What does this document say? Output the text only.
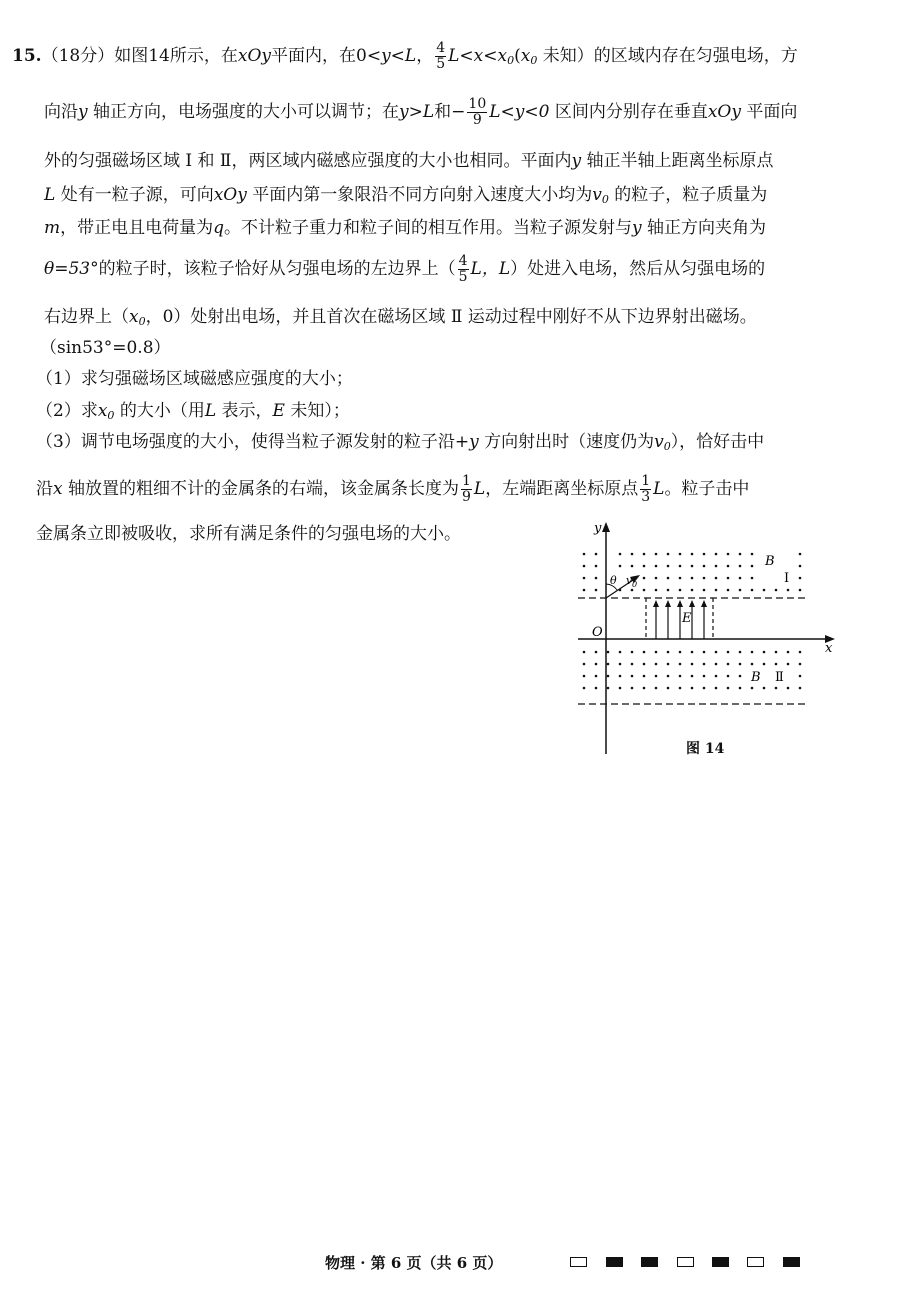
15.（18分）如图14所示，在xOy平面内，在0<y<L， $\frac{4}{5} L<x<x_0(x_0$ 未知）的区域内存在匀强电场，方
向沿y 轴正方向，电场强度的大小可以调节；在y>L和− $\frac{10}{9} L<y<0$ 区间内分别存在垂直xOy 平面向
外的匀强磁场区域 Ⅰ 和 Ⅱ，两区域内磁感应强度的大小也相同。平面内y 轴正半轴上距离坐标原点
L 处有一粒子源，可向xOy 平面内第一象限沿不同方向射入速度大小均为$v_0$ 的粒子，粒子质量为
m，带正电且电荷量为q。不计粒子重力和粒子间的相互作用。当粒子源发射与y 轴正方向夹角为
θ=53°的粒子时，该粒子恰好从匀强电场的左边界上（ $\frac{4}{5}$ L，L）处进入电场，然后从匀强电场的
右边界上（$x_0$，0）处射出电场，并且首次在磁场区域 Ⅱ 运动过程中刚好不从下边界射出磁场。
（sin53°=0.8）
（1）求匀强磁场区域磁感应强度的大小；
（2）求$x_0$ 的大小（用L 表示，E 未知）；
（3）调节电场强度的大小，使得当粒子源发射的粒子沿+y 方向射出时（速度仍为$v_0$），恰好击中
沿x 轴放置的粗细不计的金属条的右端，该金属条长度为 $\frac{1}{9}$ L，左端距离坐标原点 $\frac{1}{3}$ L。粒子击中
金属条立即被吸收，求所有满足条件的匀强电场的大小。	y
x
O
E
θ v 0
B
Ⅰ
B Ⅱ
图 14
物理 · 第 6 页（共 6 页）
